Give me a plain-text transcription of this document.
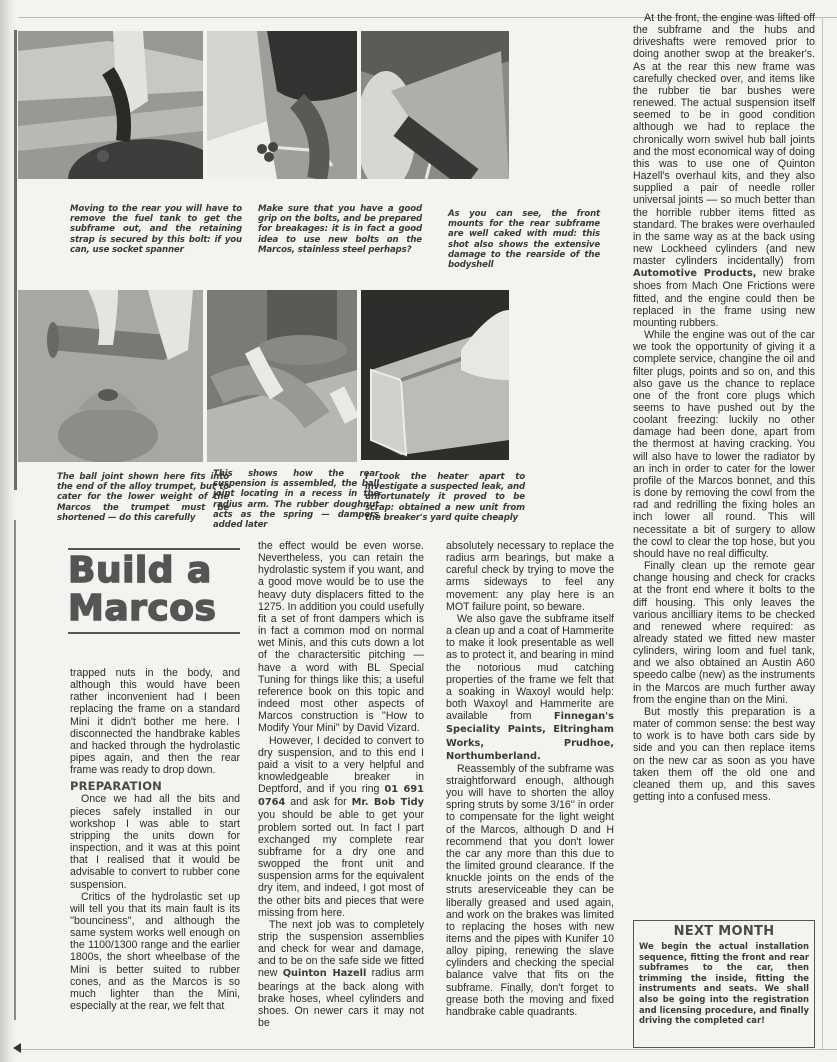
Moving to the rear you will have to remove the fuel tank to get the subframe out, and the retaining strap is secured by this bolt: if you can, use socket spanner
Make sure that you have a good grip on the bolts, and be prepared for breakages: it is in fact a good idea to use new bolts on the Marcos, stainless steel perhaps?
As you can see, the front mounts for the rear subframe are well caked with mud: this shot also shows the extensive damage to the rearside of the bodyshell
The ball joint shown here fits into the end of the alloy trumpet, but to cater for the lower weight of the Marcos the trumpet must be shortened — do this carefully
This shows how the rear suspension is assembled, the ball joint locating in a recess in the radius arm. The rubber doughnut acts as the spring — dampers added later
I took the heater apart to investigate a suspected leak, and unfortunately it proved to be scrap: obtained a new unit from the breaker's yard quite cheaply
Build a
Marcos

trapped nuts in the body, and although this would have been rather inconvenient had I been replacing the frame on a standard Mini it didn't bother me here. I disconnected the handbrake kables and hacked through the hydrolastic pipes again, and then the rear frame was ready to drop down.

PREPARATION

Once we had all the bits and pieces safely installed in our workshop I was able to start stripping the units down for inspection, and it was at this point that I realised that it would be advisable to convert to rubber cone suspension.

Critics of the hydrolastic set up will tell you that its main fault is its ''bounciness'', and although the same system works well enough on the 1100/1300 range and the earlier 1800s, the short wheelbase of the Mini is better suited to rubber cones, and as the Marcos is so much lighter than the Mini, especially at the rear, we felt that

the effect would be even worse. Nevertheless, you can retain the hydrolastic system if you want, and a good move would be to use the heavy duty displacers fitted to the 1275. In addition you could usefully fit a set of front dampers which is in fact a common mod on normal wet Minis, and this cuts down a lot of the charactersitic pitching — have a word with BL Special Tuning for things like this; a useful reference book on this topic and indeed most other aspects of Marcos construction is ''How to Modify Your Mini'' by David Vizard.

However, I decided to convert to dry suspension, and to this end I paid a visit to a very helpful and knowledgeable breaker in Deptford, and if you ring 01 691 0764 and ask for Mr. Bob Tidy you should be able to get your problem sorted out. In fact I part exchanged my complete rear subframe for a dry one and swopped the front unit and suspension arms for the equivalent dry item, and indeed, I got most of the other bits and pieces that were missing from here.

The next job was to completely strip the suspension assemblies and check for wear and damage, and to be on the safe side we fitted new Quinton Hazell radius arm bearings at the back along with brake hoses, wheel cylinders and shoes. On newer cars it may not be

absolutely necessary to replace the radius arm bearings, but make a careful check by trying to move the arms sideways to feel any movement: any play here is an MOT failure point, so beware.

We also gave the subframe itself a clean up and a coat of Hammerite to make it look presentable as well as to protect it, and bearing in mind the notorious mud catching properties of the frame we felt that a soaking in Waxoyl would help: both Waxoyl and Hammerite are available from Finnegan's Speciality Paints, Eltringham Works, Prudhoe, Northumberland.

Reassembly of the subframe was straightforward enough, although you will have to shorten the alloy spring struts by some 3/16'' in order to compensate for the light weight of the Marcos, although D and H recommend that you don't lower the car any more than this due to the limited ground clearance. If the knuckle joints on the ends of the struts areserviceable they can be liberally greased and used again, and work on the brakes was limited to replacing the hoses with new items and the pipes with Kunifer 10 alloy piping, renewing the slave cylinders and checking the special balance valve that fits on the subframe. Finally, don't forget to grease both the moving and fixed handbrake cable quadrants.

At the front, the engine was lifted off the subframe and the hubs and driveshafts were removed prior to doing another swop at the breaker's. As at the rear this new frame was carefully checked over, and items like the rubber tie bar bushes were renewed. The actual suspension itself seemed to be in good condition although we had to replace the chronically worn swivel hub ball joints and the most economical way of doing this was to use one of Quinton Hazell's overhaul kits, and they also supplied a pair of needle roller universal joints — so much better than the horrible rubber items fitted as standard. The brakes were overhauled in the same way as at the back using new Lockheed cylinders (and new master cylinders incidentally) from Automotive Products, new brake shoes from Mach One Frictions were fitted, and the engine could then be replaced in the frame using new mounting rubbers.

While the engine was out of the car we took the opportunity of giving it a complete service, changine the oil and filter plugs, points and so on, and this also gave us the chance to replace one of the front core plugs which seems to have pushed out by the coolant freezing: luckily no other damage had been done, apart from the thermost at having cracking. You will also have to lower the radiator by an inch in order to cater for the lower profile of the Marcos bonnet, and this is done by removing the cowl from the rad and redrilling the fixing holes an inch lower all round. This will necessitate a bit of surgery to allow the cowl to clear the top hose, but you should have no real difficulty.

Finally clean up the remote gear change housing and check for cracks at the front end where it bolts to the diff housing. This only leaves the various ancilliary items to be checked and renewed where required: as already stated we fitted new master cylinders, wiring loom and fuel tank, and we also obtained an Austin A60 speedo calbe (new) as the instruments in the Marcos are much further away from the engine than on the Mini.

But mostly this preparation is a mater of common sense: the best way to work is to have both cars side by side and you can then replace items on the new car as soon as you have taken them off the old one and cleaned them up, and this saves getting into a confused mess.

NEXT MONTH
We begin the actual installation sequence, fitting the front and rear subframes to the car, then trimming the inside, fitting the instruments and seats. We shall also be going into the registration and licensing procedure, and finally driving the completed car!
